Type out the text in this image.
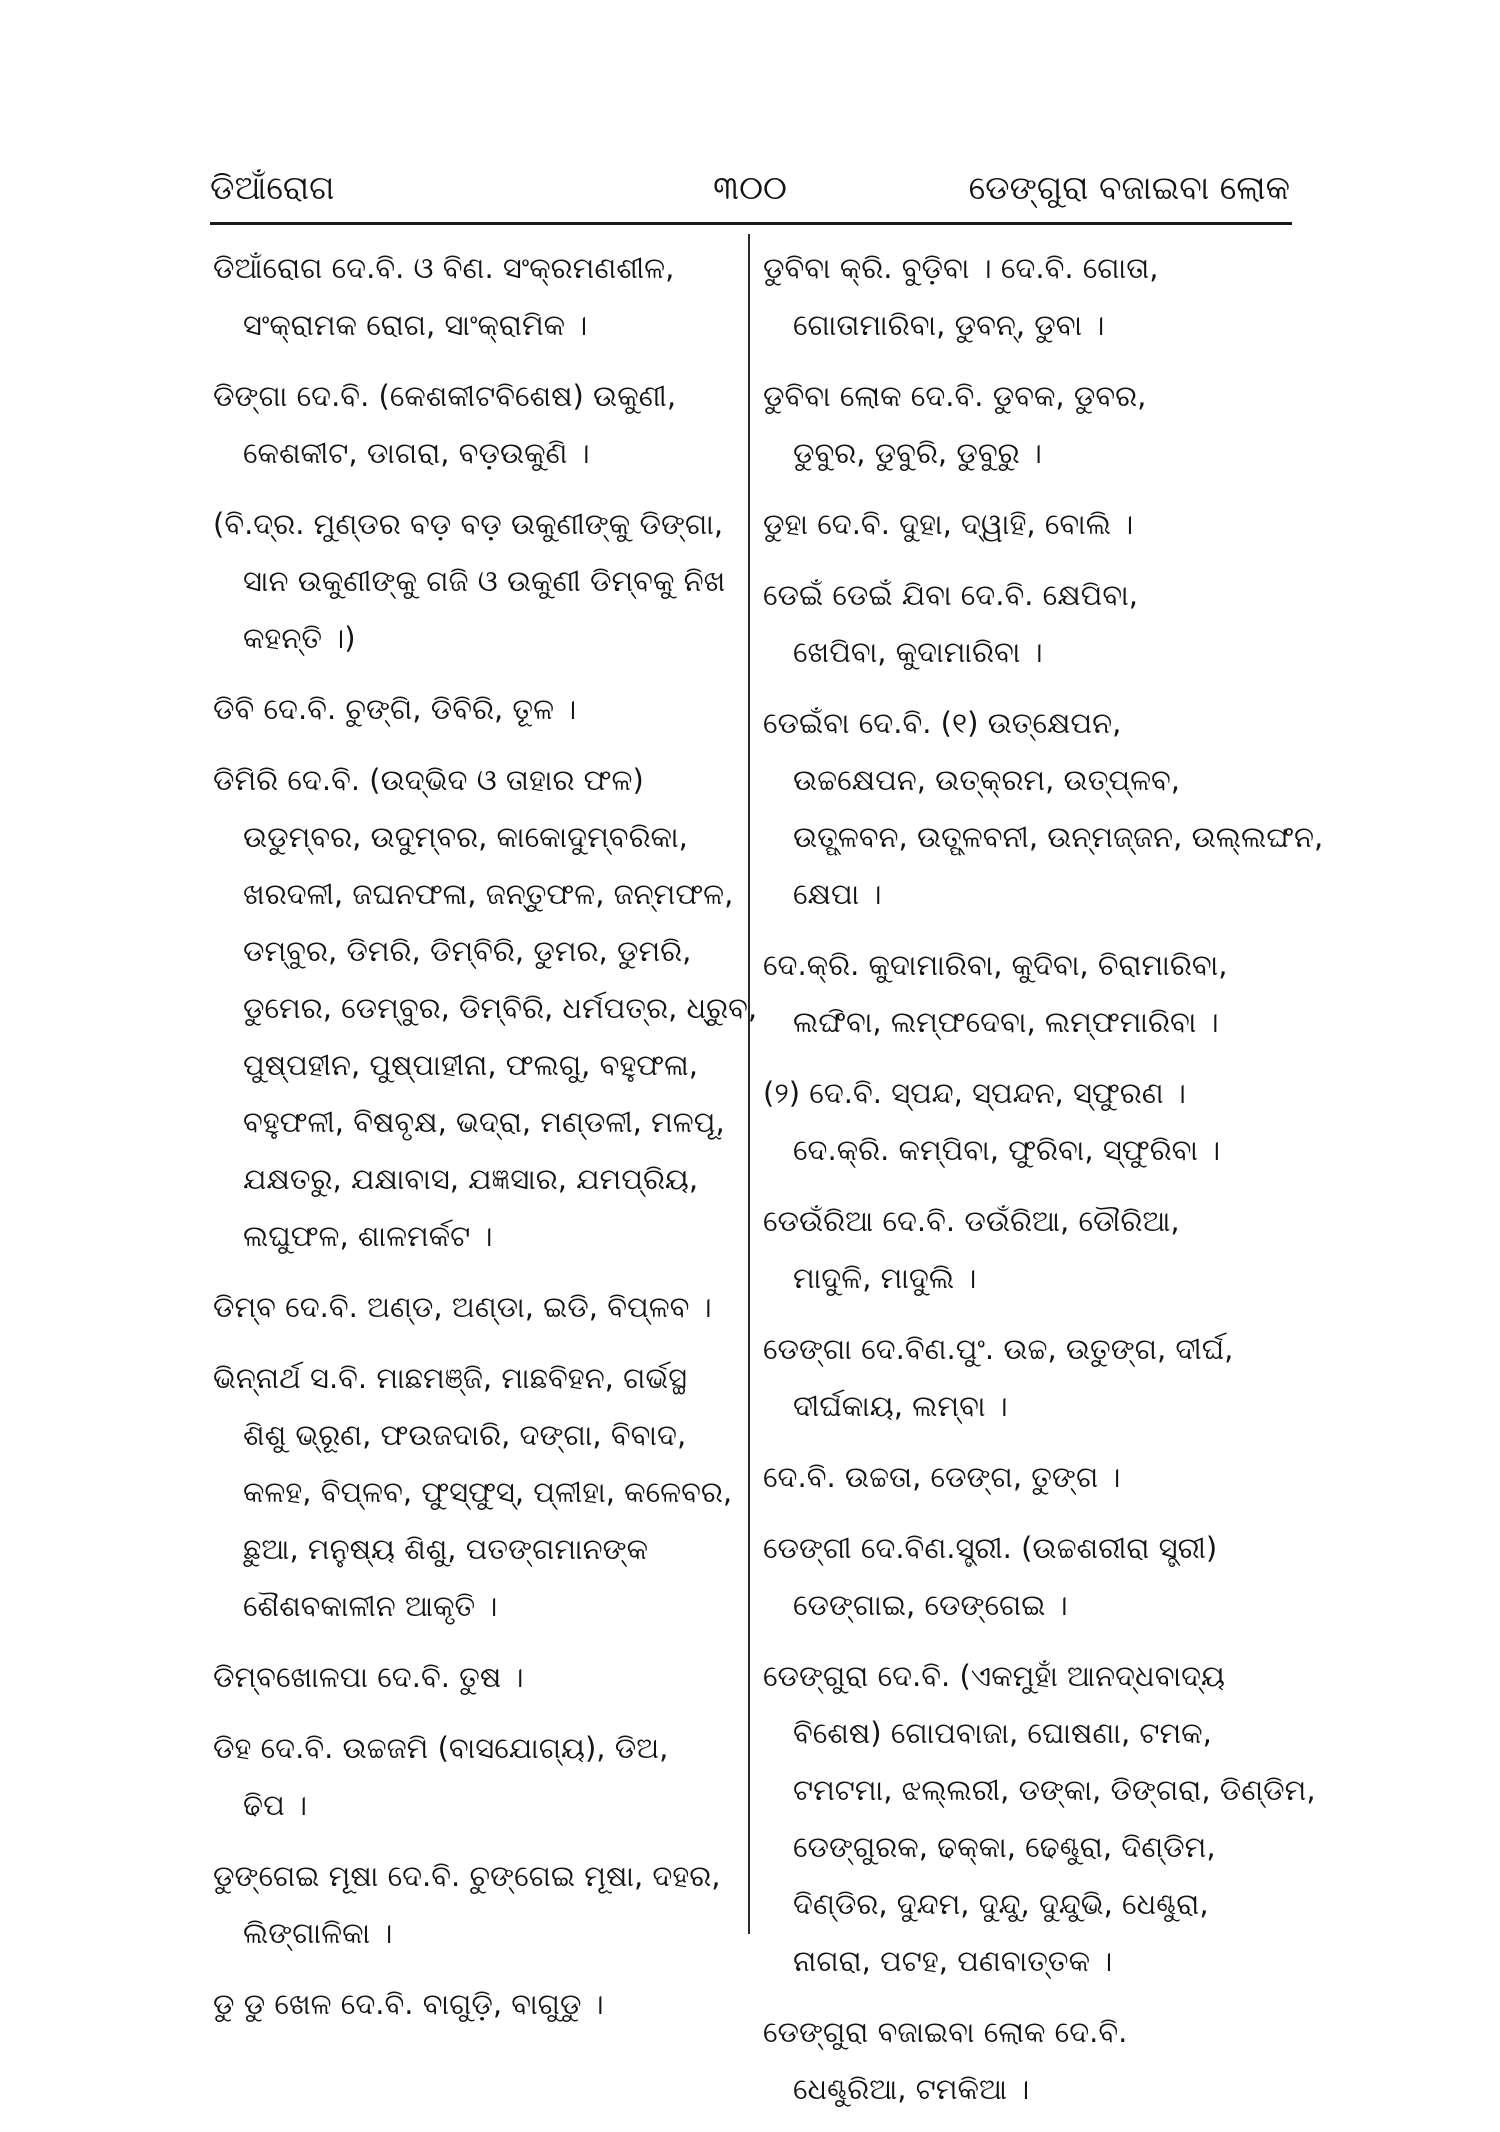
ଡିଆଁରୋଗ	୩୦୦	ଡେଙ୍ଗୁରା ବଜାଇବା ଲୋକ
ଡିଆଁରୋଗ ଦେ.ବି. ଓ ବିଣ. ସଂକ୍ରମଣଶୀଳ,
ସଂକ୍ରାମକ ରୋଗ, ସାଂକ୍ରାମିକ ।
ଡିଙ୍ଗା ଦେ.ବି. (କେଶକୀଟବିଶେଷ) ଉକୁଣୀ,
କେଶକୀଟ, ଡାଗରା, ବଡ଼ଉକୁଣି ।
(ବି.ଦ୍ର. ମୁଣ୍ଡର ବଡ଼ ବଡ଼ ଉକୁଣୀଙ୍କୁ ଡିଙ୍ଗା,
ସାନ ଉକୁଣୀଙ୍କୁ ଗଜି ଓ ଉକୁଣୀ ଡିମ୍ବକୁ ନିଖ
କହନ୍ତି ।)
ଡିବି ଦେ.ବି. ଚୁଙ୍ଗି, ଡିବିରି, ତୂଳ ।
ଡିମିରି ଦେ.ବି. (ଉଦ୍ଭିଦ ଓ ତାହାର ଫଳ)
ଉଡୁମ୍ବର, ଉଦୁମ୍ବର, କାକୋଦୁମ୍ବରିକା,
ଖରଦଳୀ, ଜଘନଫଳା, ଜନ୍ତୁଫଳ, ଜନ୍ମଫଳ,
ଡମ୍ବୁର, ଡିମରି, ଡିମ୍ବିରି, ଡୁମର, ଡୁମରି,
ଡୁମେର, ଡେମ୍ବୁର, ଡିମ୍ବିରି, ଧର୍ମପତ୍ର, ଧ୍ରୁବ,
ପୁଷ୍ପହୀନ, ପୁଷ୍ପାହୀନା, ଫଲଗୁ, ବହୁଫଳା,
ବହୁଫଳୀ, ବିଷବୃକ୍ଷ, ଭଦ୍ରା, ମଣ୍ଡଳୀ, ମଳପୂ,
ଯକ୍ଷତରୁ, ଯକ୍ଷାବାସ, ଯଜ୍ଞସାର, ଯମପ୍ରିୟ,
ଲଘୁଫଳ, ଶାଳମର୍କଟ ।
ଡିମ୍ବ ଦେ.ବି. ଅଣ୍ଡ, ଅଣ୍ଡା, ଇଡି, ବିପ୍ଳବ ।
ଭିନ୍ନାର୍ଥ ସ.ବି. ମାଛମଞ୍ଜି, ମାଛବିହନ, ଗର୍ଭସ୍ଥ
ଶିଶୁ ଭ୍ରୂଣ, ଫଉଜଦାରି, ଦଙ୍ଗା, ବିବାଦ,
କଳହ, ବିପ୍ଳବ, ଫୁସ୍‌ଫୁସ୍, ପ୍ଳୀହା, କଳେବର,
ଛୁଆ, ମନୁଷ୍ୟ ଶିଶୁ, ପତଙ୍ଗମାନଙ୍କ
ଶୈଶବକାଳୀନ ଆକୃତି ।
ଡିମ୍ବଖୋଳପା ଦେ.ବି. ତୁଷ ।
ଡିହ ଦେ.ବି. ଉଚ୍ଚଜମି (ବାସଯୋଗ୍ୟ), ଡିଅ,
ଢିପ ।
ଡୁଙ୍ଗେଇ ମୂଷା ଦେ.ବି. ଚୁଙ୍ଗେଇ ମୂଷା, ଦହର,
ଲିଙ୍ଗାଳିକା ।
ଡୁ ଡୁ ଖେଳ ଦେ.ବି. ବାଗୁଡ଼ି, ବାଗୁଡୁ ।
ଡୁବିବା କ୍ରି. ବୁଡ଼ିବା । ଦେ.ବି. ଗୋତା,
ଗୋତାମାରିବା, ଡୁବନ୍, ଡୁବା ।
ଡୁବିବା ଲୋକ ଦେ.ବି. ଡୁବକ, ଡୁବର,
ଡୁବୁର, ଡୁବୁରି, ଡୁବୁରୁ ।
ଡୁହା ଦେ.ବି. ଦୁହା, ଦ୍ୱାହି, ବୋଲି ।
ଡେଇଁ ଡେଇଁ ଯିବା ଦେ.ବି. କ୍ଷେପିବା,
ଖେପିବା, କୁଦାମାରିବା ।
ଡେଇଁବା ଦେ.ବି. (୧) ଉତ୍‌କ୍ଷେପନ,
ଉଚ୍ଚକ୍ଷେପନ, ଉତ୍‌କ୍ରମ, ଉତ୍‌ପ୍ଳବ,
ଉତ୍ପ୍ଳବନ, ଉତ୍ପ୍ଳବନୀ, ଉନ୍ମଜ୍ଜନ, ଉଲ୍ଲଙ୍ଘନ,
କ୍ଷେପା ।
ଦେ.କ୍ରି. କୁଦାମାରିବା, କୁଦିବା, ଚିରାମାରିବା,
ଲଙ୍ଘିବା, ଲମ୍ଫଦେବା, ଲମ୍ଫମାରିବା ।
(୨) ଦେ.ବି. ସ୍ପନ୍ଦ, ସ୍ପନ୍ଦନ, ସ୍ଫୁରଣ ।
ଦେ.କ୍ରି. କମ୍ପିବା, ଫୁରିବା, ସ୍ଫୁରିବା ।
ଡେଉଁରିଆ ଦେ.ବି. ଡଉଁରିଆ, ଡୌରିଆ,
ମାଦୁଳି, ମାଦୁଲି ।
ଡେଙ୍ଗା ଦେ.ବିଣ.ପୁଂ. ଉଚ୍ଚ, ଉତୁଙ୍ଗ, ଦୀର୍ଘ,
ଦୀର୍ଘକାୟ, ଲମ୍ବା ।
ଦେ.ବି. ଉଚ୍ଚତା, ଡେଙ୍ଗ, ତୁଙ୍ଗ ।
ଡେଙ୍ଗୀ ଦେ.ବିଣ.ସ୍ତ୍ରୀ. (ଉଚ୍ଚଶରୀରା ସ୍ତ୍ରୀ)
ଡେଙ୍ଗାଇ, ଡେଙ୍ଗେଇ ।
ଡେଙ୍ଗୁରା ଦେ.ବି. (ଏକମୁହାଁ ଆନଦ୍ଧବାଦ୍ୟ
ବିଶେଷ) ଗୋପବାଜା, ଘୋଷଣା, ଟମକ,
ଟମଟମା, ଝଲ୍ଲରୀ, ଡଙ୍କା, ଡିଙ୍ଗରା, ଡିଣ୍ଡିମ,
ଡେଙ୍ଗୁରକ, ଢକ୍କା, ଢେଣ୍ଢୁରା, ଦିଣ୍ଡିମ,
ଦିଣ୍ଡିର, ଦୁନ୍ଦମ, ଦୁନ୍ଦୁ, ଦୁନ୍ଦୁଭି, ଧେଣ୍ଢୁରା,
ନାଗରା, ପଟହ, ପଣବାତ୍ତକ ।
ଡେଙ୍ଗୁରା ବଜାଇବା ଲୋକ ଦେ.ବି.
ଧେଣ୍ଢୁରିଆ, ଟମକିଆ ।
